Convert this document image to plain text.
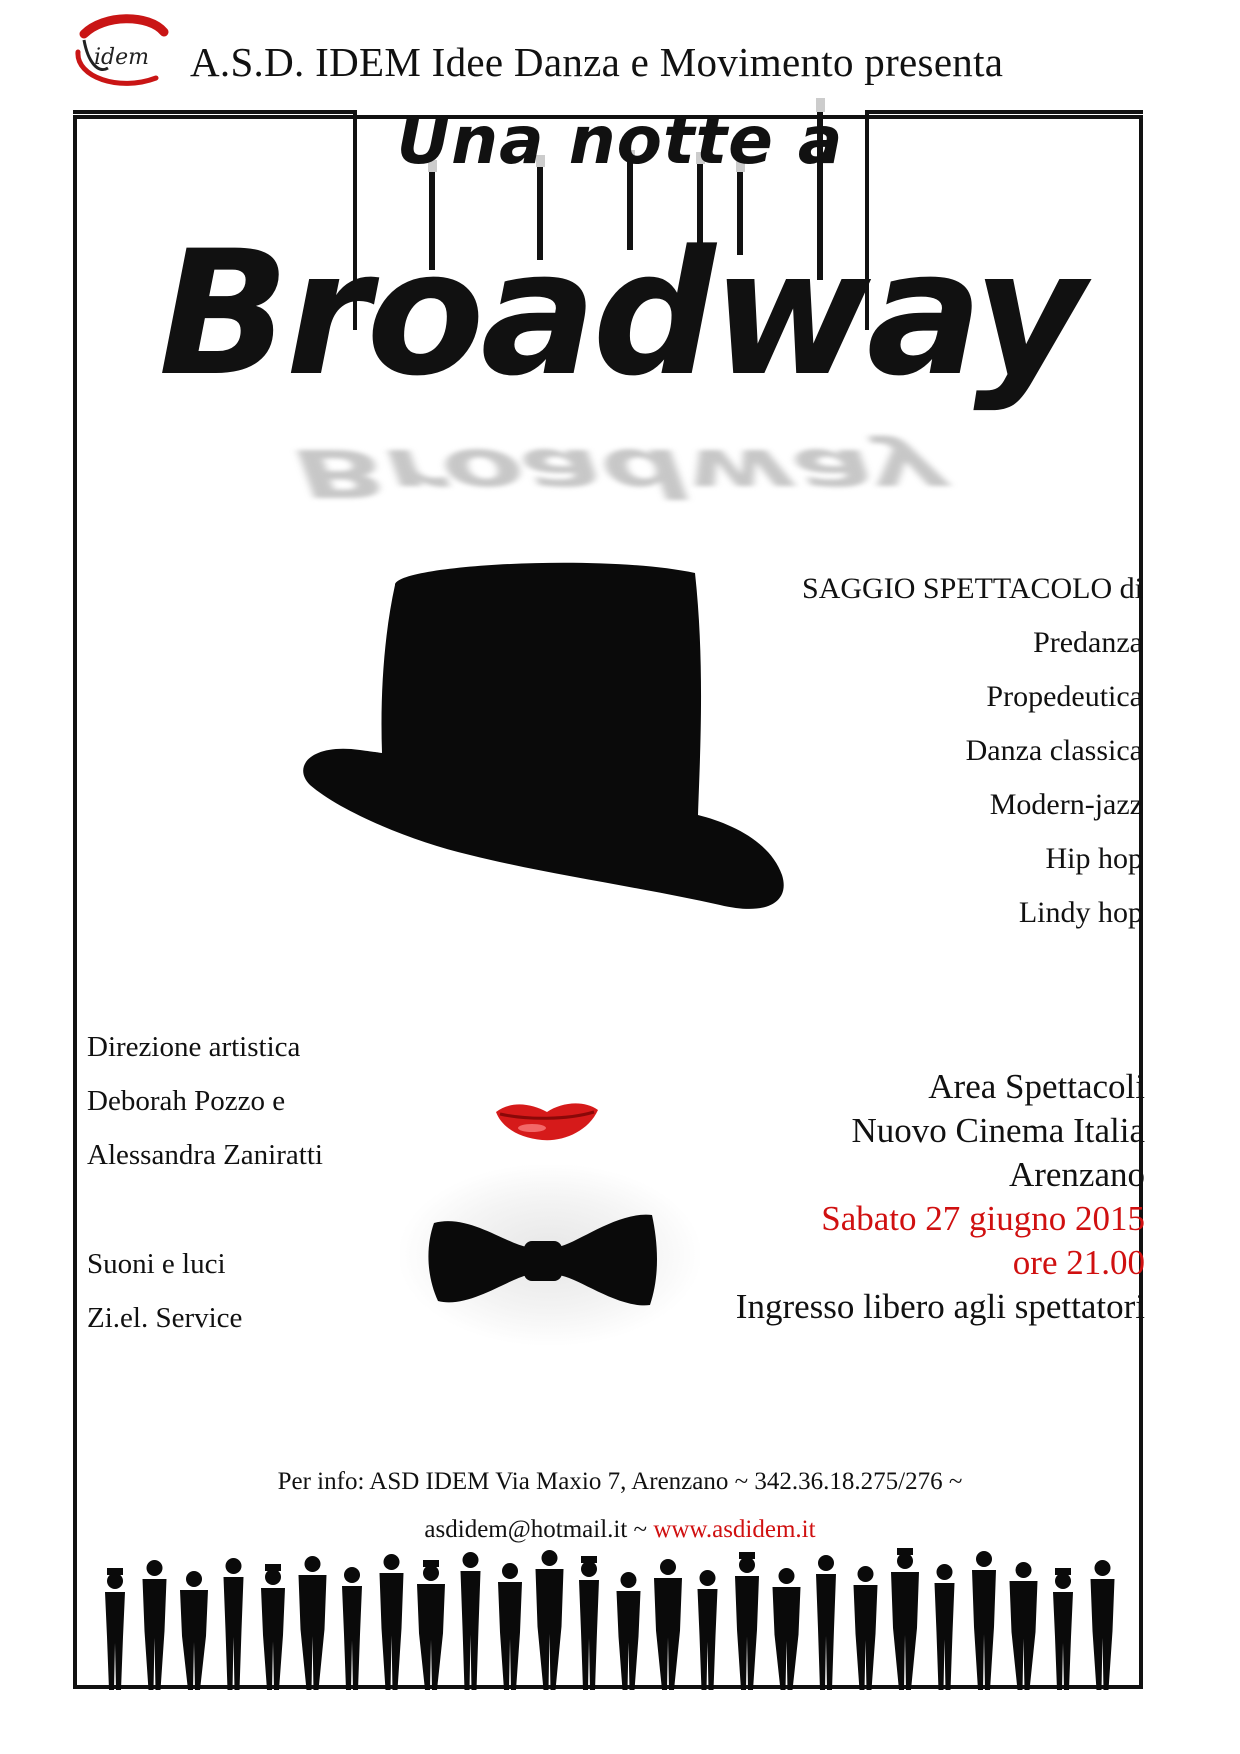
idem A.S.D. IDEM Idee Danza e Movimento presenta
Una notte a
Broadway
Broadway
SAGGIO SPETTACOLO di
Predanza
Propedeutica
Danza classica
Modern-jazz
Hip hop
Lindy hop
Direzione artistica
Deborah Pozzo e
Alessandra Zaniratti
Suoni e luci
Zi.el. Service
Area Spettacoli
Nuovo Cinema Italia
Arenzano
Sabato 27 giugno 2015
ore 21.00
Ingresso libero agli spettatori
Per info: ASD IDEM Via Maxio 7, Arenzano ~ 342.36.18.275/276 ~
asdidem@hotmail.it ~ www.asdidem.it
